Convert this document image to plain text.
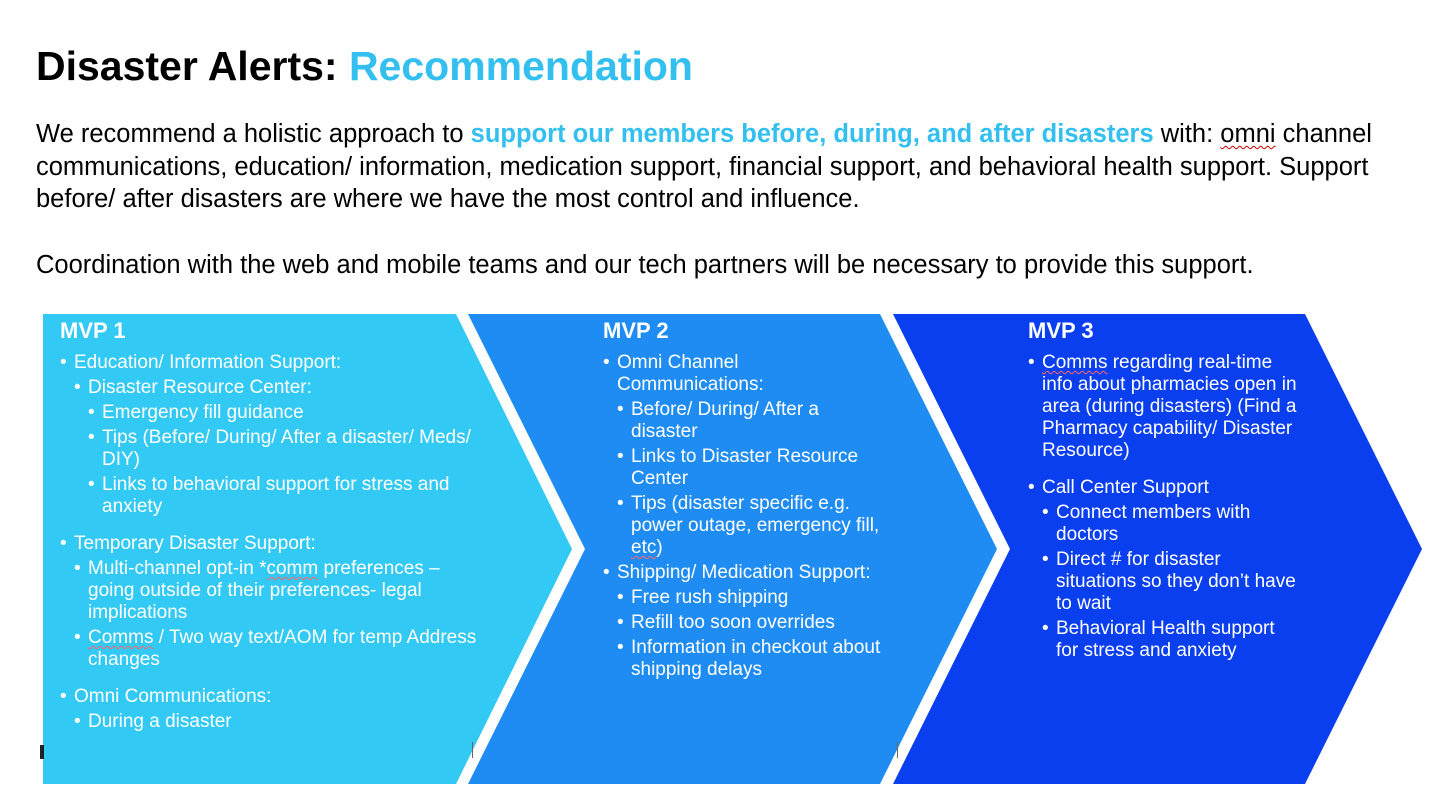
Disaster Alerts: Recommendation

We recommend a holistic approach to support our members before, during, and after disasters with: omni channel communications, education/ information, medication support, financial support, and behavioral health support. Support before/ after disasters are where we have the most control and influence.

Coordination with the web and mobile teams and our tech partners will be necessary to provide this support.

MVP 1
• Education/ Information Support:
• Disaster Resource Center:
• Emergency fill guidance
• Tips (Before/ During/ After a disaster/ Meds/ DIY)
• Links to behavioral support for stress and anxiety
• Temporary Disaster Support:
• Multi-channel opt-in *comm preferences – going outside of their preferences- legal implications
• Comms / Two way text/AOM for temp Address changes
• Omni Communications:
• During a disaster
MVP 2
• Omni Channel Communications:
• Before/ During/ After a disaster
• Links to Disaster Resource Center
• Tips (disaster specific e.g. power outage, emergency fill, etc)
• Shipping/ Medication Support:
• Free rush shipping
• Refill too soon overrides
• Information in checkout about shipping delays
MVP 3
• Comms regarding real-time info about pharmacies open in area (during disasters) (Find a Pharmacy capability/ Disaster Resource)
• Call Center Support
• Connect members with doctors
• Direct # for disaster situations so they don’t have to wait
• Behavioral Health support for stress and anxiety
